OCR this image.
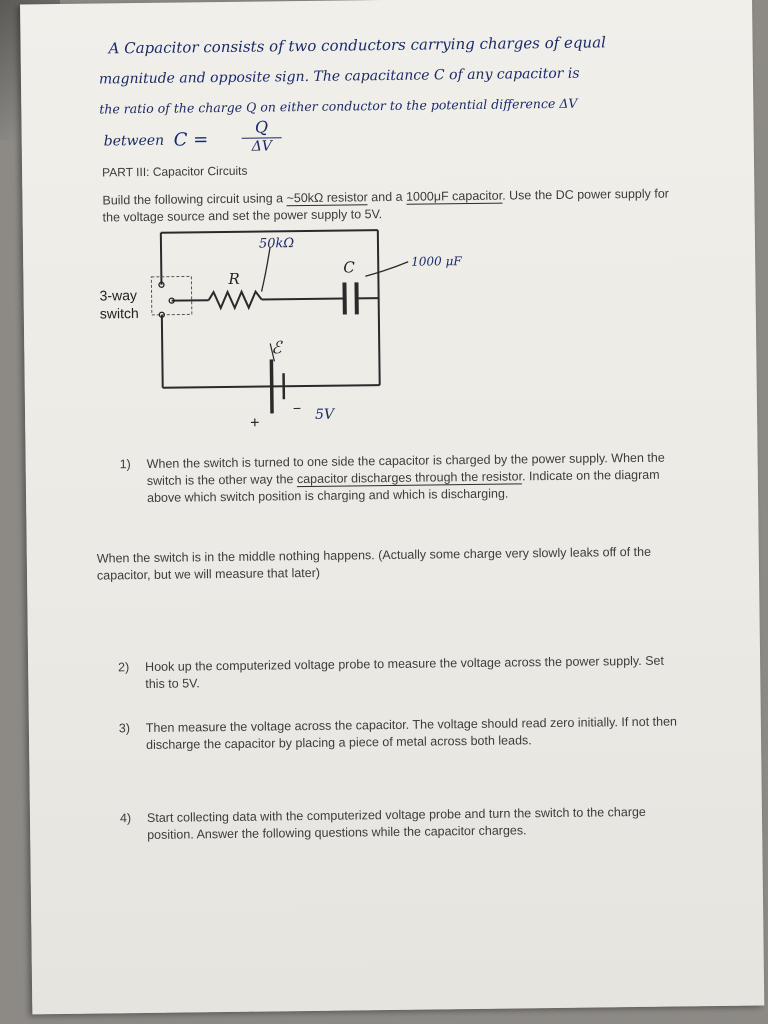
A Capacitor consists of two conductors carrying charges of equal
magnitude and opposite sign. The capacitance C of any capacitor is
the ratio of the charge Q on either conductor to the potential difference ΔV
between $C = \frac{Q}{\Delta V}$
PART III: Capacitor Circuits
Build the following circuit using a ~50kΩ resistor and a 1000μF capacitor. Use the DC power supply for
the voltage source and set the power supply to 5V.
3-way
switch
R
C
ℰ
+
−
50kΩ
1000 μF
5V
1) When the switch is turned to one side the capacitor is charged by the power supply. When the
switch is the other way the capacitor discharges through the resistor. Indicate on the diagram
above which switch position is charging and which is discharging.
When the switch is in the middle nothing happens. (Actually some charge very slowly leaks off of the
capacitor, but we will measure that later)
2) Hook up the computerized voltage probe to measure the voltage across the power supply. Set
this to 5V.
3) Then measure the voltage across the capacitor. The voltage should read zero initially. If not then
discharge the capacitor by placing a piece of metal across both leads.
4) Start collecting data with the computerized voltage probe and turn the switch to the charge
position. Answer the following questions while the capacitor charges.
